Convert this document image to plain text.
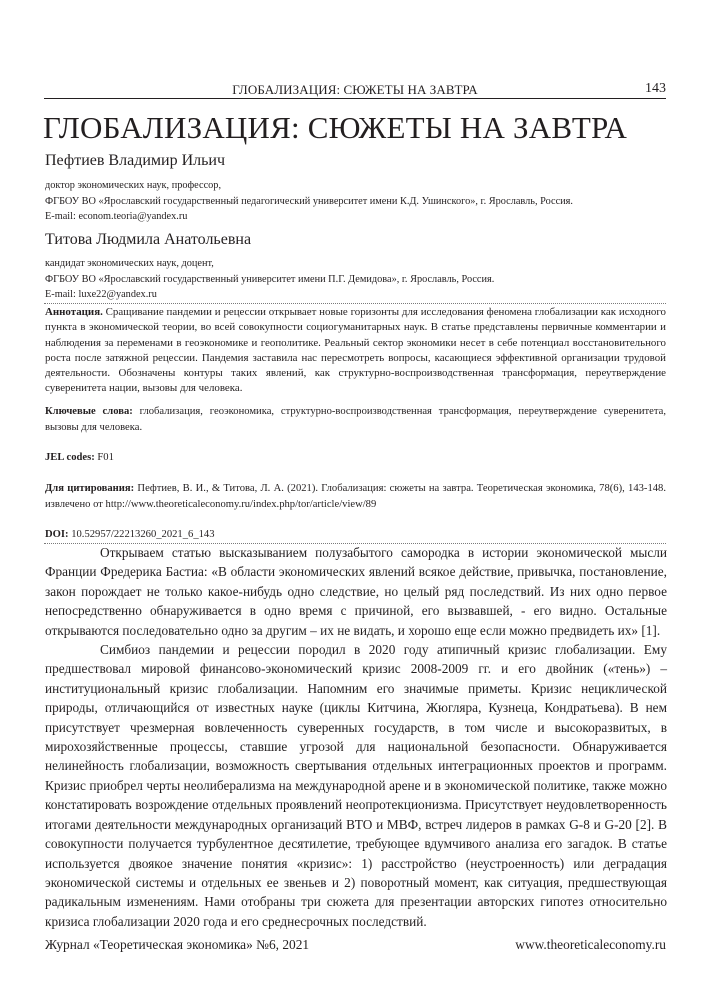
ГЛОБАЛИЗАЦИЯ: СЮЖЕТЫ НА ЗАВТРА	143
ГЛОБАЛИЗАЦИЯ: СЮЖЕТЫ НА ЗАВТРА
Пефтиев Владимир Ильич
доктор экономических наук, профессор,
ФГБОУ ВО «Ярославский государственный педагогический университет имени К.Д. Ушинского», г. Ярославль, Россия.
E-mail: econom.teoria@yandex.ru
Титова Людмила Анатольевна
кандидат экономических наук, доцент,
ФГБОУ ВО «Ярославский государственный университет имени П.Г. Демидова», г. Ярославль, Россия.
E-mail: luxe22@yandex.ru
Аннотация. Сращивание пандемии и рецессии открывает новые горизонты для исследования феномена глобализации как исходного пункта в экономической теории, во всей совокупности социогуманитарных наук. В статье представлены первичные комментарии и наблюдения за переменами в геоэкономике и геополитике. Реальный сектор экономики несет в себе потенциал восстановительного роста после затяжной рецессии. Пандемия заставила нас пересмотреть вопросы, касающиеся эффективной организации трудовой деятельности. Обозначены контуры таких явлений, как структурно-воспроизводственная трансформация, переутверждение суверенитета нации, вызовы для человека.
Ключевые слова: глобализация, геоэкономика, структурно-воспроизводственная трансформация, переутверждение суверенитета, вызовы для человека.
JEL codes: F01
Для цитирования: Пефтиев, В. И., & Титова, Л. А. (2021). Глобализация: сюжеты на завтра. Теоретическая экономика, 78(6), 143-148. извлечено от http://www.theoreticaleconomy.ru/index.php/tor/article/view/89
DOI: 10.52957/22213260_2021_6_143

Открываем статью высказыванием полузабытого самородка в истории экономической мысли Франции Фредерика Бастиа: «В области экономических явлений всякое действие, привычка, постановление, закон порождает не только какое-нибудь одно следствие, но целый ряд последствий. Из них одно первое непосредственно обнаруживается в одно время с причиной, его вызвавшей, - его видно. Остальные открываются последовательно одно за другим – их не видать, и хорошо еще если можно предвидеть их» [1].

Симбиоз пандемии и рецессии породил в 2020 году атипичный кризис глобализации. Ему предшествовал мировой финансово-экономический кризис 2008-2009 гг. и его двойник («тень») – институциональный кризис глобализации. Напомним его значимые приметы. Кризис нециклической природы, отличающийся от известных науке (циклы Китчина, Жюгляра, Кузнеца, Кондратьева). В нем присутствует чрезмерная вовлеченность суверенных государств, в том числе и высокоразвитых, в мирохозяйственные процессы, ставшие угрозой для национальной безопасности. Обнаруживается нелинейность глобализации, возможность свертывания отдельных интеграционных проектов и программ. Кризис приобрел черты неолиберализма на международной арене и в экономической политике, также можно констатировать возрождение отдельных проявлений неопротекционизма. Присутствует неудовлетворенность итогами деятельности международных организаций ВТО и МВФ, встреч лидеров в рамках G-8 и G-20 [2]. В совокупности получается турбулентное десятилетие, требующее вдумчивого анализа его загадок. В статье используется двоякое значение понятия «кризис»: 1) расстройство (неустроенность) или деградация экономической системы и отдельных ее звеньев и 2) поворотный момент, как ситуация, предшествующая радикальным изменениям. Нами отобраны три сюжета для презентации авторских гипотез относительно кризиса глобализации 2020 года и его среднесрочных последствий.

Журнал «Теоретическая экономика» №6, 2021	www.theoreticaleconomy.ru
